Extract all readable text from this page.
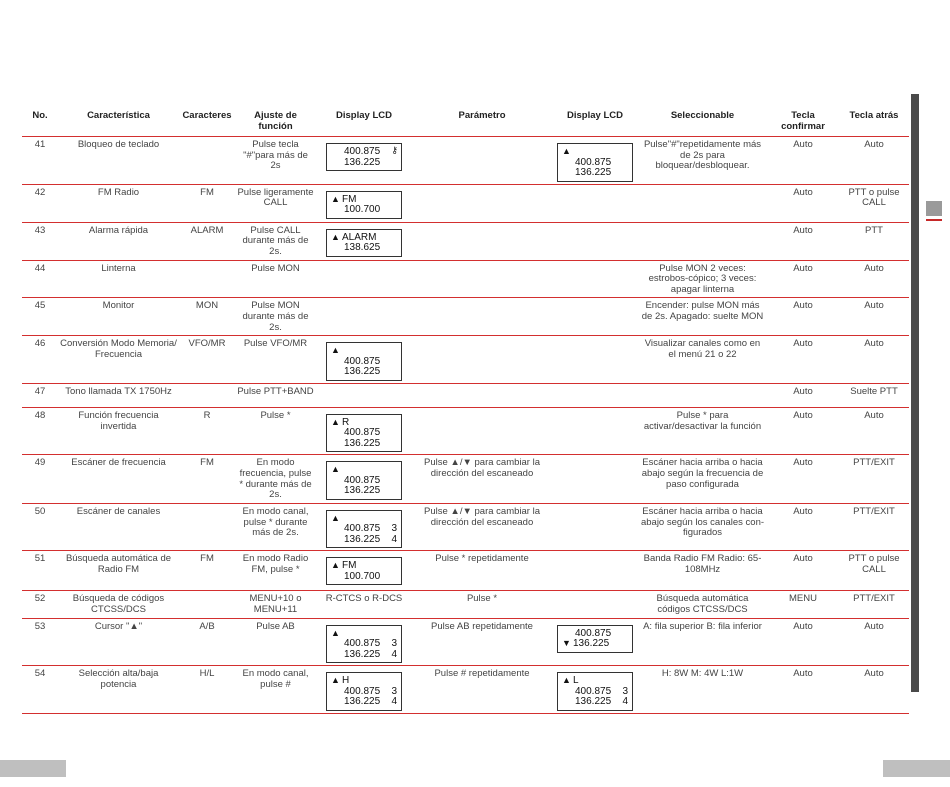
No.	Característica	Caracteres	Ajuste de función	Display LCD	Parámetro	Display LCD	Seleccionable	Tecla confirmar	Tecla atrás
41	Bloqueo de teclado		Pulse tecla "#"para más de 2s	⚷
400.875
136.225		▲
400.875
136.225	Pulse"#"repetidamente más de 2s para bloquear/desbloquear.	Auto	Auto
42	FM Radio	FM	Pulse ligeramente CALL	▲ FM
100.700				Auto	PTT o pulse CALL
43	Alarma rápida	ALARM	Pulse CALL durante más de 2s.	▲ ALARM
138.625				Auto	PTT
44	Linterna		Pulse MON				Pulse MON 2 veces: estrobos-cópico; 3 veces: apagar linterna	Auto	Auto
45	Monitor	MON	Pulse MON durante más de 2s.				Encender: pulse MON más de 2s. Apagado: suelte MON	Auto	Auto
46	Conversión Modo Memoria/ Frecuencia	VFO/MR	Pulse VFO/MR	▲
400.875
136.225			Visualizar canales como en el menú 21 o 22	Auto	Auto
47	Tono llamada TX 1750Hz		Pulse PTT+BAND					Auto	Suelte PTT
48	Función frecuencia invertida	R	Pulse *	▲ R
400.875
136.225			Pulse * para activar/desactivar la función	Auto	Auto
49	Escáner de frecuencia	FM	En modo frecuencia, pulse * durante más de 2s.	▲
400.875
136.225	Pulse ▲/▼ para cambiar la dirección del escaneado		Escáner hacia arriba o hacia abajo según la frecuencia de paso configurada	Auto	PTT/EXIT
50	Escáner de canales		En modo canal, pulse * durante más de 2s.	▲
400.875 3
136.225 4	Pulse ▲/▼ para cambiar la dirección del escaneado		Escáner hacia arriba o hacia abajo según los canales con-figurados	Auto	PTT/EXIT
51	Búsqueda automática de Radio FM	FM	En modo Radio FM, pulse *	▲ FM
100.700	Pulse * repetidamente		Banda Radio FM Radio: 65-108MHz	Auto	PTT o pulse CALL
52	Búsqueda de códigos CTCSS/DCS		MENU+10 o MENU+11	R-CTCS o R-DCS	Pulse *		Búsqueda automática códigos CTCSS/DCS	MENU	PTT/EXIT
53	Cursor "▲"	A/B	Pulse AB	▲
400.875 3
136.225 4	Pulse AB repetidamente	400.875
▼ 136.225	A: fila superior B: fila inferior	Auto	Auto
54	Selección alta/baja potencia	H/L	En modo canal, pulse #	▲ H
400.875 3
136.225 4	Pulse # repetidamente	▲ L
400.875 3
136.225 4	H: 8W M: 4W L:1W	Auto	Auto
